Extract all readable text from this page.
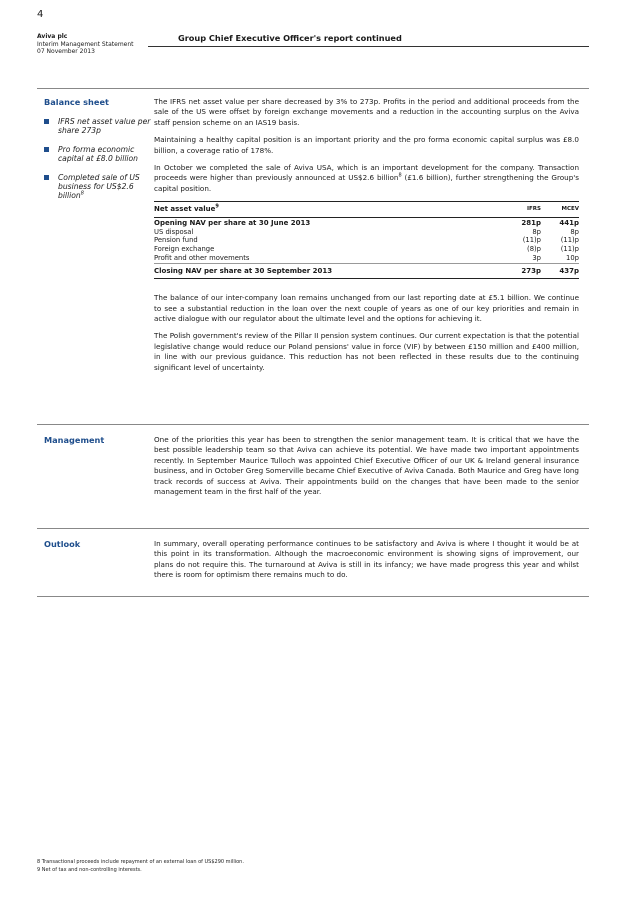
4
Aviva plc
Interim Management Statement
07 November 2013
Group Chief Executive Officer's report continued
Balance sheet
IFRS net asset value per share 273p
Pro forma economic capital at £8.0 billion
Completed sale of US business for US$2.6 billion$^8$

The IFRS net asset value per share decreased by 3% to 273p. Profits in the period and additional proceeds from the sale of the US were offset by foreign exchange movements and a reduction in the accounting surplus on the Aviva staff pension scheme on an IAS19 basis.

Maintaining a healthy capital position is an important priority and the pro forma economic capital surplus was £8.0 billion, a coverage ratio of 178%.

In October we completed the sale of Aviva USA, which is an important development for the company. Transaction proceeds were higher than previously announced at US$2.6 billion$^8$ (£1.6 billion), further strengthening the Group's capital position.

Net asset value$^9$	IFRS	MCEV
Opening NAV per share at 30 June 2013	281p	441p
US disposal	8p	8p
Pension fund	(11)p	(11)p
Foreign exchange	(8)p	(11)p
Profit and other movements	3p	10p
Closing NAV per share at 30 September 2013	273p	437p

The balance of our inter-company loan remains unchanged from our last reporting date at £5.1 billion. We continue to see a substantial reduction in the loan over the next couple of years as one of our key priorities and remain in active dialogue with our regulator about the ultimate level and the options for achieving it.

The Polish government's review of the Pillar II pension system continues. Our current expectation is that the potential legislative change would reduce our Poland pensions' value in force (VIF) by between £150 million and £400 million, in line with our previous guidance. This reduction has not been reflected in these results due to the continuing significant level of uncertainty.

Management	One of the priorities this year has been to strengthen the senior management team. It is critical that we have the best possible leadership team so that Aviva can achieve its potential. We have made two important appointments recently. In September Maurice Tulloch was appointed Chief Executive Officer of our UK & Ireland general insurance business, and in October Greg Somerville became Chief Executive of Aviva Canada. Both Maurice and Greg have long track records of success at Aviva. Their appointments build on the changes that have been made to the senior management team in the first half of the year.

Outlook	In summary, overall operating performance continues to be satisfactory and Aviva is where I thought it would be at this point in its transformation. Although the macroeconomic environment is showing signs of improvement, our plans do not require this. The turnaround at Aviva is still in its infancy; we have made progress this year and whilst there is room for optimism there remains much to do.

8 Transactional proceeds include repayment of an external loan of US$290 million.
9 Net of tax and non-controlling interests.
